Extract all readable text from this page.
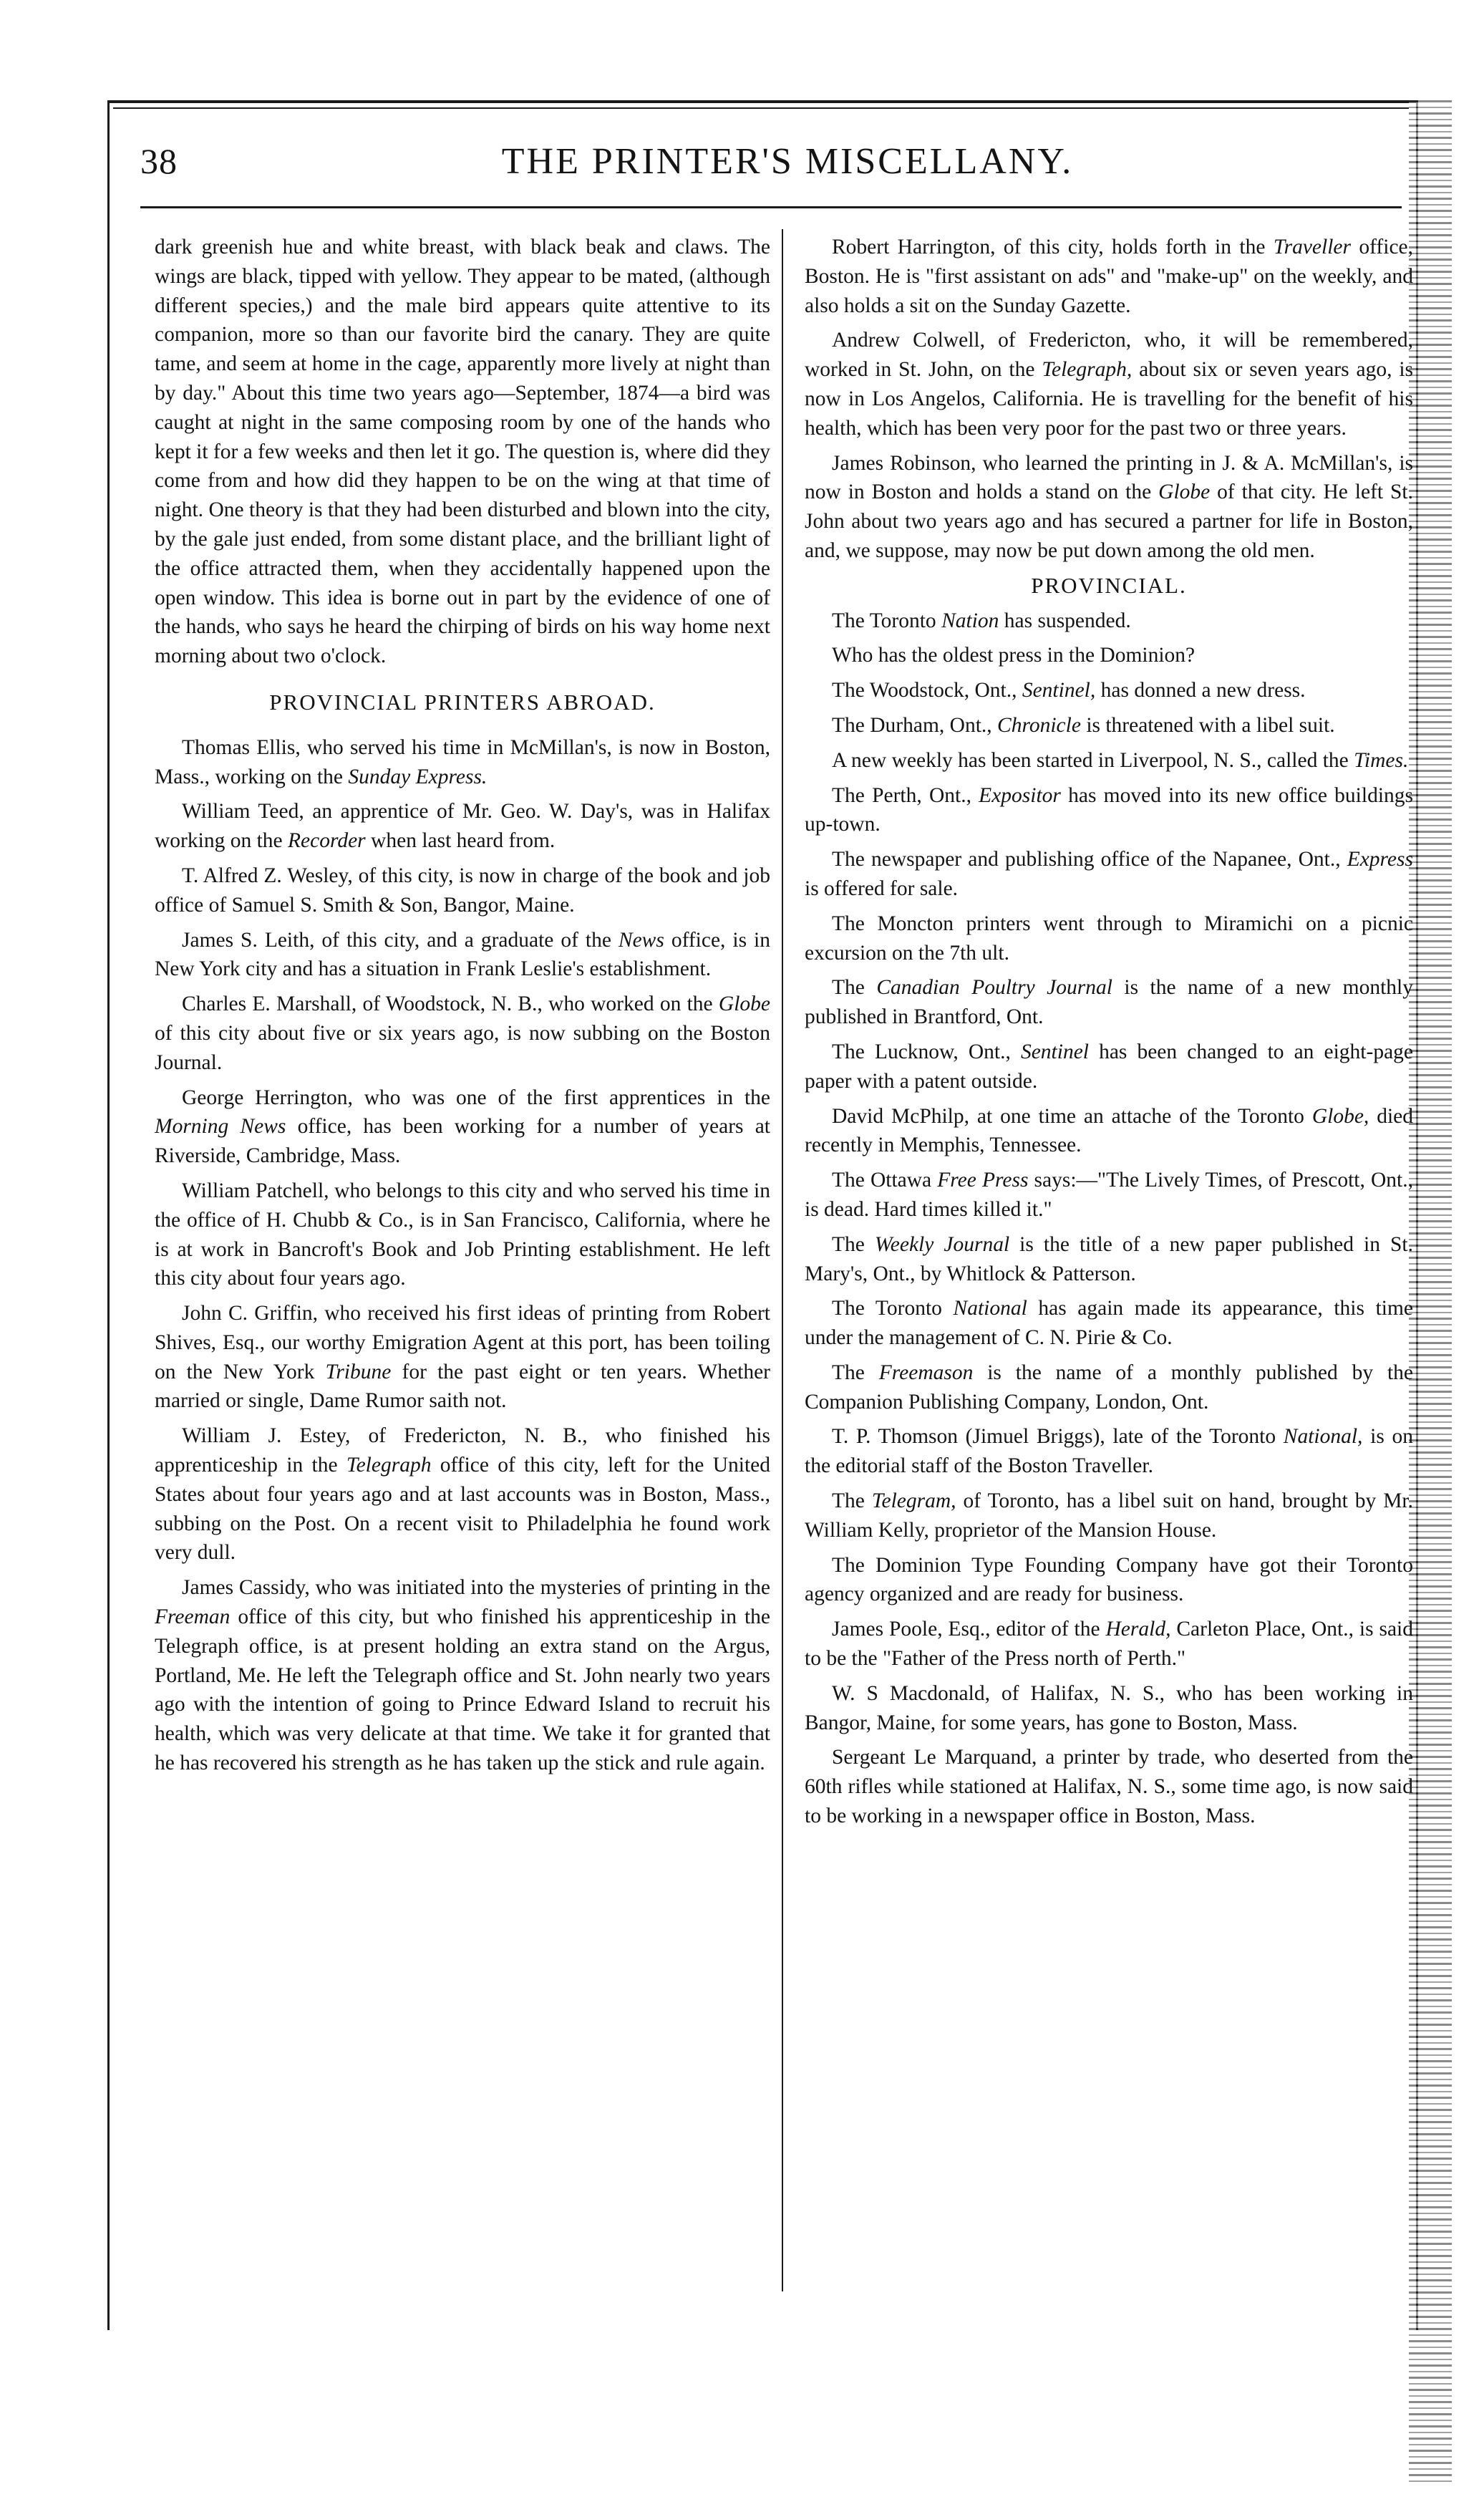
38	THE PRINTER'S MISCELLANY.

dark greenish hue and white breast, with black beak and claws. The wings are black, tipped with yellow. They appear to be mated, (although different species,) and the male bird appears quite attentive to its companion, more so than our favorite bird the canary. They are quite tame, and seem at home in the cage, apparently more lively at night than by day." About this time two years ago—September, 1874—a bird was caught at night in the same composing room by one of the hands who kept it for a few weeks and then let it go. The question is, where did they come from and how did they happen to be on the wing at that time of night. One theory is that they had been disturbed and blown into the city, by the gale just ended, from some distant place, and the brilliant light of the office attracted them, when they accidentally happened upon the open window. This idea is borne out in part by the evidence of one of the hands, who says he heard the chirping of birds on his way home next morning about two o'clock.

PROVINCIAL PRINTERS ABROAD.

Thomas Ellis, who served his time in McMillan's, is now in Boston, Mass., working on the Sunday Express.

William Teed, an apprentice of Mr. Geo. W. Day's, was in Halifax working on the Recorder when last heard from.

T. Alfred Z. Wesley, of this city, is now in charge of the book and job office of Samuel S. Smith & Son, Bangor, Maine.

James S. Leith, of this city, and a graduate of the News office, is in New York city and has a situation in Frank Leslie's establishment.

Charles E. Marshall, of Woodstock, N. B., who worked on the Globe of this city about five or six years ago, is now subbing on the Boston Journal.

George Herrington, who was one of the first apprentices in the Morning News office, has been working for a number of years at Riverside, Cambridge, Mass.

William Patchell, who belongs to this city and who served his time in the office of H. Chubb & Co., is in San Francisco, California, where he is at work in Bancroft's Book and Job Printing establishment. He left this city about four years ago.

John C. Griffin, who received his first ideas of printing from Robert Shives, Esq., our worthy Emigration Agent at this port, has been toiling on the New York Tribune for the past eight or ten years. Whether married or single, Dame Rumor saith not.

William J. Estey, of Fredericton, N. B., who finished his apprenticeship in the Telegraph office of this city, left for the United States about four years ago and at last accounts was in Boston, Mass., subbing on the Post. On a recent visit to Philadelphia he found work very dull.

James Cassidy, who was initiated into the mysteries of printing in the Freeman office of this city, but who finished his apprenticeship in the Telegraph office, is at present holding an extra stand on the Argus, Portland, Me. He left the Telegraph office and St. John nearly two years ago with the intention of going to Prince Edward Island to recruit his health, which was very delicate at that time. We take it for granted that he has recovered his strength as he has taken up the stick and rule again.

Robert Harrington, of this city, holds forth in the Traveller office, Boston. He is "first assistant on ads" and "make-up" on the weekly, and also holds a sit on the Sunday Gazette.

Andrew Colwell, of Fredericton, who, it will be remembered, worked in St. John, on the Telegraph, about six or seven years ago, is now in Los Angelos, California. He is travelling for the benefit of his health, which has been very poor for the past two or three years.

James Robinson, who learned the printing in J. & A. McMillan's, is now in Boston and holds a stand on the Globe of that city. He left St. John about two years ago and has secured a partner for life in Boston, and, we suppose, may now be put down among the old men.

PROVINCIAL.

The Toronto Nation has suspended.

Who has the oldest press in the Dominion?

The Woodstock, Ont., Sentinel, has donned a new dress.

The Durham, Ont., Chronicle is threatened with a libel suit.

A new weekly has been started in Liverpool, N. S., called the Times.

The Perth, Ont., Expositor has moved into its new office buildings up-town.

The newspaper and publishing office of the Napanee, Ont., Express is offered for sale.

The Moncton printers went through to Miramichi on a picnic excursion on the 7th ult.

The Canadian Poultry Journal is the name of a new monthly published in Brantford, Ont.

The Lucknow, Ont., Sentinel has been changed to an eight-page paper with a patent outside.

David McPhilp, at one time an attache of the Toronto Globe, died recently in Memphis, Tennessee.

The Ottawa Free Press says:—"The Lively Times, of Prescott, Ont., is dead. Hard times killed it."

The Weekly Journal is the title of a new paper published in St. Mary's, Ont., by Whitlock & Patterson.

The Toronto National has again made its appearance, this time under the management of C. N. Pirie & Co.

The Freemason is the name of a monthly published by the Companion Publishing Company, London, Ont.

T. P. Thomson (Jimuel Briggs), late of the Toronto National, is on the editorial staff of the Boston Traveller.

The Telegram, of Toronto, has a libel suit on hand, brought by Mr. William Kelly, proprietor of the Mansion House.

The Dominion Type Founding Company have got their Toronto agency organized and are ready for business.

James Poole, Esq., editor of the Herald, Carleton Place, Ont., is said to be the "Father of the Press north of Perth."

W. S Macdonald, of Halifax, N. S., who has been working in Bangor, Maine, for some years, has gone to Boston, Mass.

Sergeant Le Marquand, a printer by trade, who deserted from the 60th rifles while stationed at Halifax, N. S., some time ago, is now said to be working in a newspaper office in Boston, Mass.
